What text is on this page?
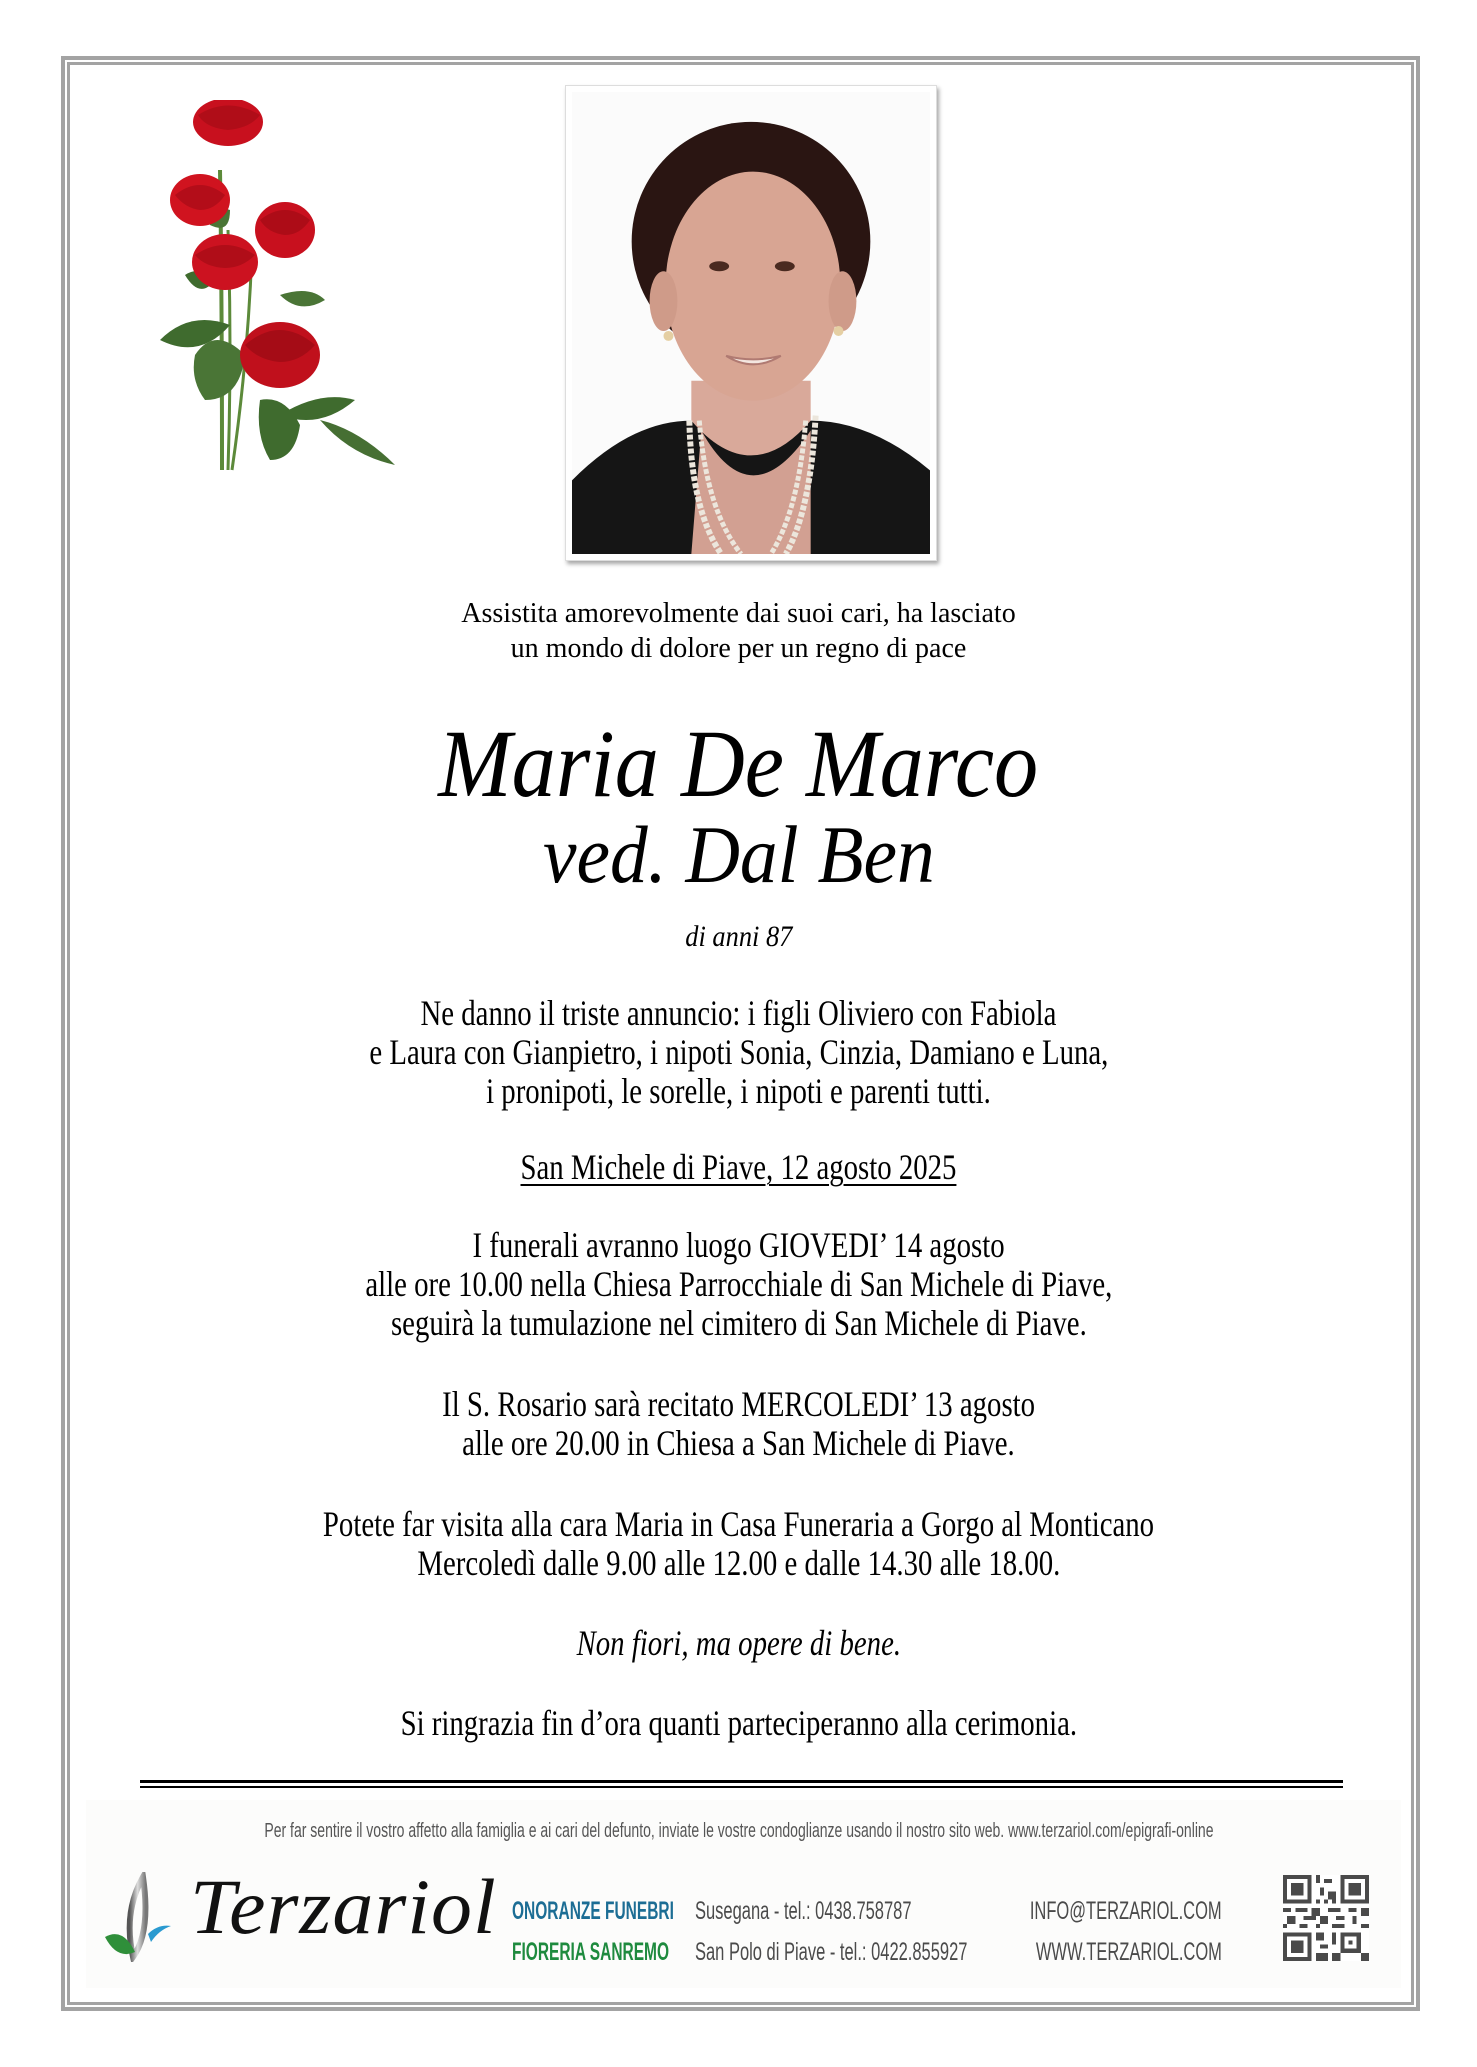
Assistita amorevolmente dai suoi cari, ha lasciato
un mondo di dolore per un regno di pace
Maria De Marco
ved. Dal Ben
di anni 87
Ne danno il triste annuncio: i figli Oliviero con Fabiola
e Laura con Gianpietro, i nipoti Sonia, Cinzia, Damiano e Luna,
i pronipoti, le sorelle, i nipoti e parenti tutti.
San Michele di Piave, 12 agosto 2025
I funerali avranno luogo GIOVEDI’ 14 agosto
alle ore 10.00 nella Chiesa Parrocchiale di San Michele di Piave,
seguirà la tumulazione nel cimitero di San Michele di Piave.
Il S. Rosario sarà recitato MERCOLEDI’ 13 agosto
alle ore 20.00 in Chiesa a San Michele di Piave.
Potete far visita alla cara Maria in Casa Funeraria a Gorgo al Monticano
Mercoledì dalle 9.00 alle 12.00 e dalle 14.30 alle 18.00.
Non fiori, ma opere di bene.
Si ringrazia fin d’ora quanti parteciperanno alla cerimonia.
Per far sentire il vostro affetto alla famiglia e ai cari del defunto, inviate le vostre condoglianze usando il nostro sito web. www.terzariol.com/epigrafi-online
Terzariol ONORANZE FUNEBRI
FIORERIA SANREMO
Susegana - tel.: 0438.758787
San Polo di Piave - tel.: 0422.855927
INFO@TERZARIOL.COM
WWW.TERZARIOL.COM
